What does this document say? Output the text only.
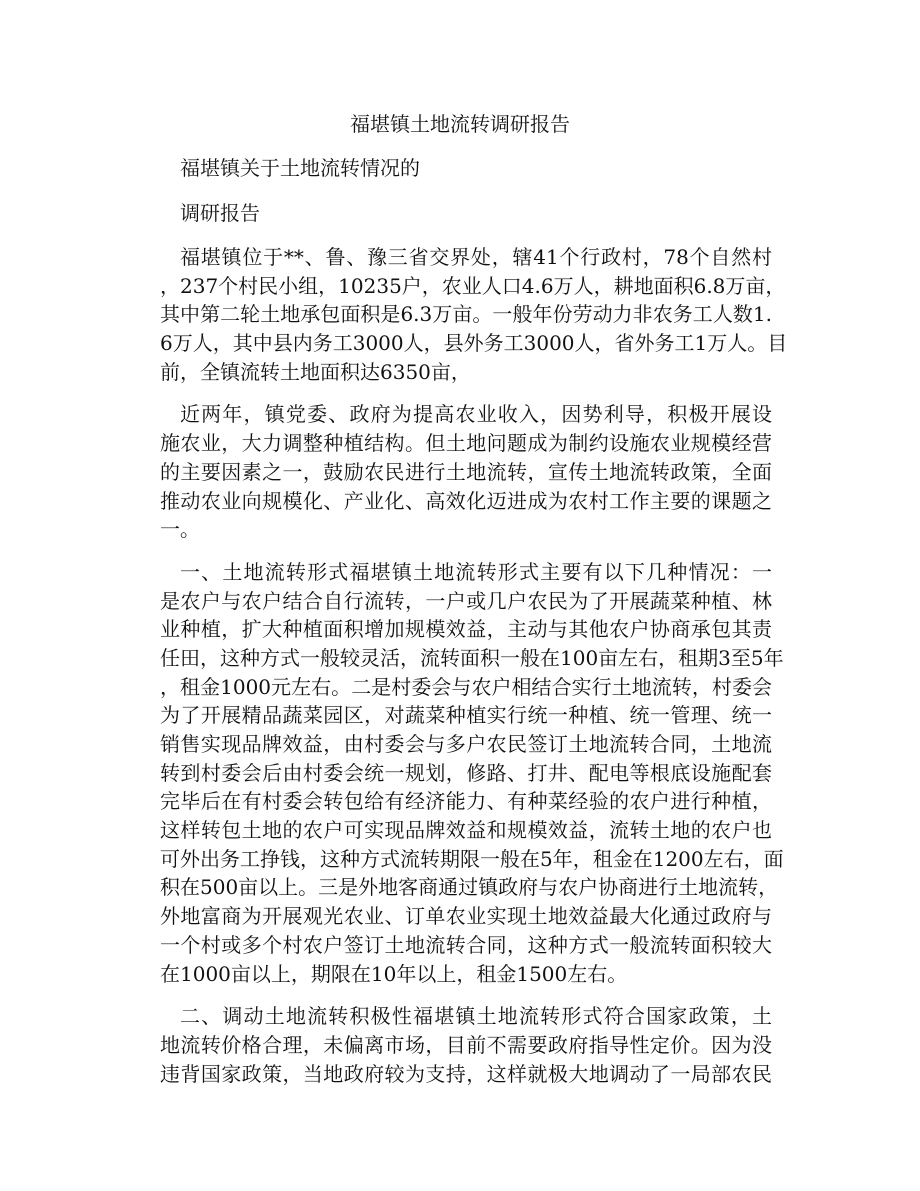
福堪镇土地流转调研报告
福堪镇关于土地流转情况的
调研报告
福堪镇位于**、鲁、豫三省交界处，辖41个行政村，78个自然村
，237个村民小组，10235户，农业人口4.6万人，耕地面积6.8万亩，
其中第二轮土地承包面积是6.3万亩。一般年份劳动力非农务工人数1.
6万人，其中县内务工3000人，县外务工3000人，省外务工1万人。目
前，全镇流转土地面积达6350亩，
近两年，镇党委、政府为提高农业收入，因势利导，积极开展设
施农业，大力调整种植结构。但土地问题成为制约设施农业规模经营
的主要因素之一，鼓励农民进行土地流转，宣传土地流转政策，全面
推动农业向规模化、产业化、高效化迈进成为农村工作主要的课题之
一。
一、土地流转形式福堪镇土地流转形式主要有以下几种情况：一
是农户与农户结合自行流转，一户或几户农民为了开展蔬菜种植、林
业种植，扩大种植面积增加规模效益，主动与其他农户协商承包其责
任田，这种方式一般较灵活，流转面积一般在100亩左右，租期3至5年
，租金1000元左右。二是村委会与农户相结合实行土地流转，村委会
为了开展精品蔬菜园区，对蔬菜种植实行统一种植、统一管理、统一
销售实现品牌效益，由村委会与多户农民签订土地流转合同，土地流
转到村委会后由村委会统一规划，修路、打井、配电等根底设施配套
完毕后在有村委会转包给有经济能力、有种菜经验的农户进行种植，
这样转包土地的农户可实现品牌效益和规模效益，流转土地的农户也
可外出务工挣钱，这种方式流转期限一般在5年，租金在1200左右，面
积在500亩以上。三是外地客商通过镇政府与农户协商进行土地流转，
外地富商为开展观光农业、订单农业实现土地效益最大化通过政府与
一个村或多个村农户签订土地流转合同，这种方式一般流转面积较大
在1000亩以上，期限在10年以上，租金1500左右。
二、调动土地流转积极性福堪镇土地流转形式符合国家政策，土
地流转价格合理，未偏离市场，目前不需要政府指导性定价。因为没
违背国家政策，当地政府较为支持，这样就极大地调动了一局部农民
